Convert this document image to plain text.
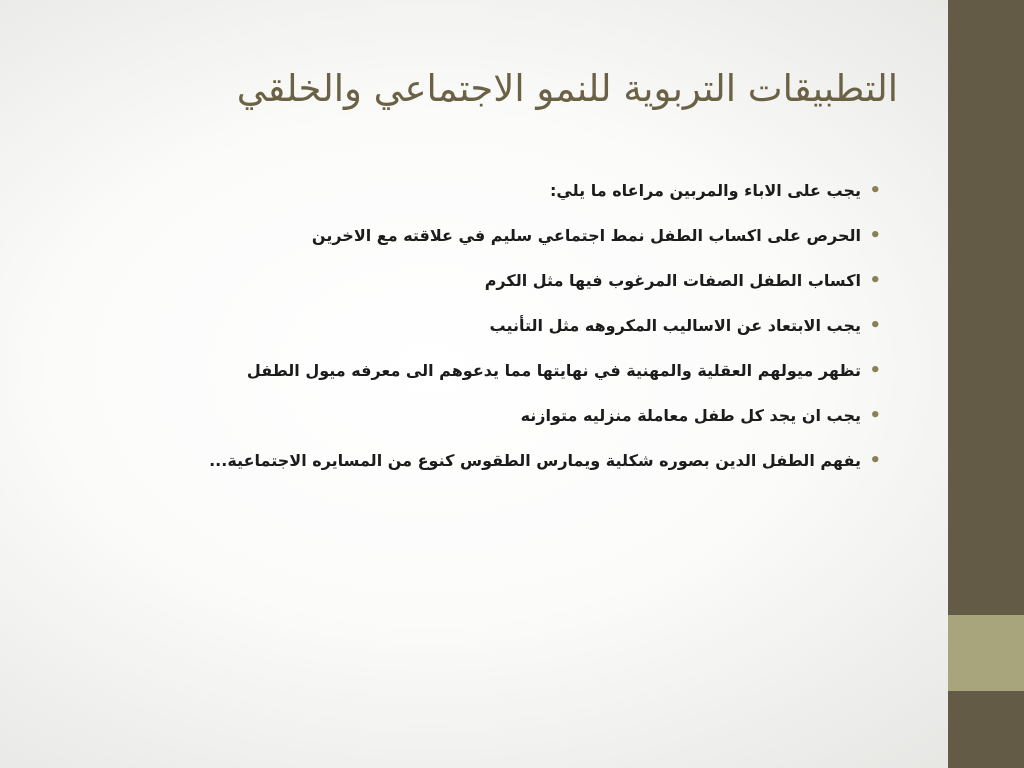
التطبيقات التربوية للنمو الاجتماعي والخلقي
•
يجب على الاباء والمربين مراعاه ما يلي:
•
الحرص على اكساب الطفل نمط اجتماعي سليم في علاقته مع الاخرين
•
اكساب الطفل الصفات المرغوب فيها مثل الكرم
•
يجب الابتعاد عن الاساليب المكروهه مثل التأنيب
•
تظهر ميولهم العقلية والمهنية في نهايتها مما يدعوهم الى معرفه ميول الطفل
•
يجب ان يجد كل طفل معاملة منزليه متوازنه
•
يفهم الطفل الدين بصوره شكلية ويمارس الطقوس كنوع من المسايره الاجتماعية...
